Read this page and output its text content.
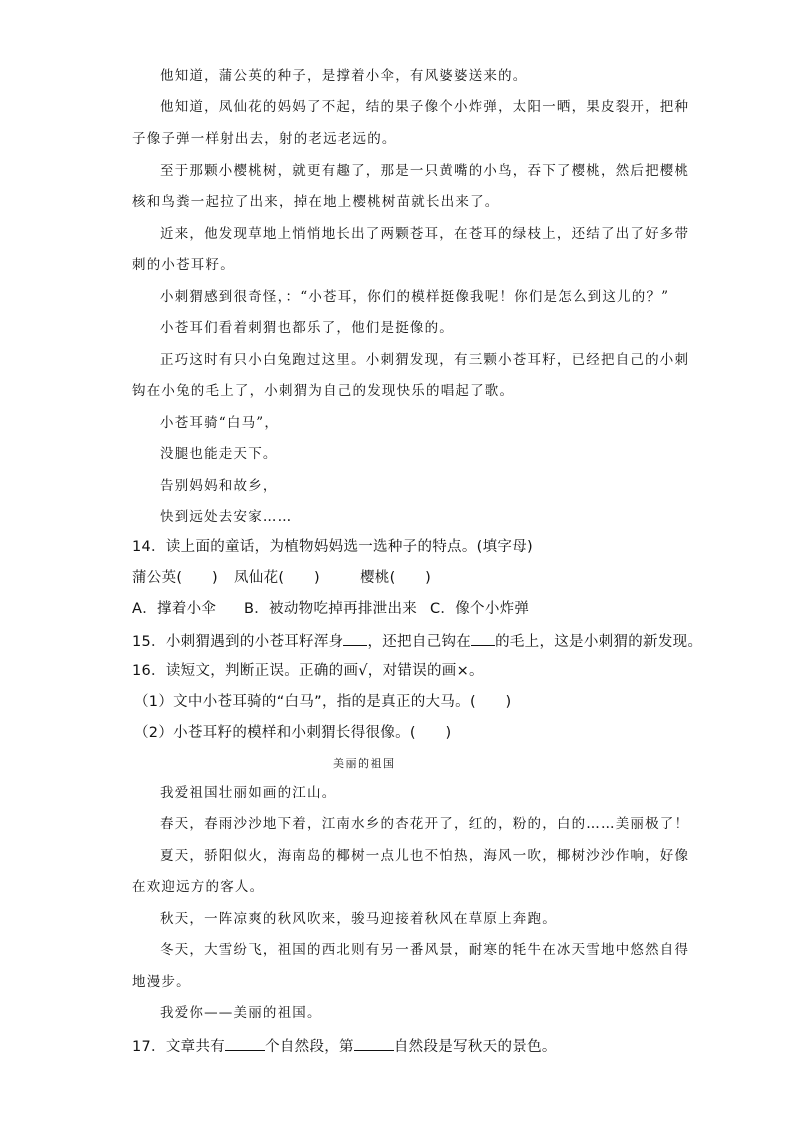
他知道，蒲公英的种子，是撑着小伞，有风婆婆送来的。
他知道，凤仙花的妈妈了不起，结的果子像个小炸弹，太阳一晒，果皮裂开，把种
子像子弹一样射出去，射的老远老远的。
至于那颗小樱桃树，就更有趣了，那是一只黄嘴的小鸟，吞下了樱桃，然后把樱桃
核和鸟粪一起拉了出来，掉在地上樱桃树苗就长出来了。
近来，他发现草地上悄悄地长出了两颗苍耳，在苍耳的绿枝上，还结了出了好多带
刺的小苍耳籽。
小刺猬感到很奇怪，：“小苍耳，你们的模样挺像我呢！你们是怎么到这儿的？”
小苍耳们看着刺猬也都乐了，他们是挺像的。
正巧这时有只小白兔跑过这里。小刺猬发现，有三颗小苍耳籽，已经把自己的小刺
钩在小兔的毛上了，小刺猬为自己的发现快乐的唱起了歌。
小苍耳骑“白马”，
没腿也能走天下。
告别妈妈和故乡，
快到远处去安家……
14．读上面的童话，为植物妈妈选一选种子的特点。(填字母)
蒲公英(　　) 凤仙花(　　)	樱桃(　　)
A．撑着小伞 B．被动物吃掉再排泄出来 C．像个小炸弹
15．小刺猬遇到的小苍耳籽浑身 ，还把自己钩在 的毛上，这是小刺猬的新发现。
16．读短文，判断正误。正确的画√，对错误的画×。
（1）文中小苍耳骑的“白马”，指的是真正的大马。(　　)
（2）小苍耳籽的模样和小刺猬长得很像。(　　)
美丽的祖国
我爱祖国壮丽如画的江山。
春天，春雨沙沙地下着，江南水乡的杏花开了，红的，粉的，白的……美丽极了！
夏天，骄阳似火，海南岛的椰树一点儿也不怕热，海风一吹，椰树沙沙作响，好像
在欢迎远方的客人。
秋天，一阵凉爽的秋风吹来，骏马迎接着秋风在草原上奔跑。
冬天，大雪纷飞，祖国的西北则有另一番风景，耐寒的牦牛在冰天雪地中悠然自得
地漫步。
我爱你——美丽的祖国。
17．文章共有	个自然段，第	自然段是写秋天的景色。
